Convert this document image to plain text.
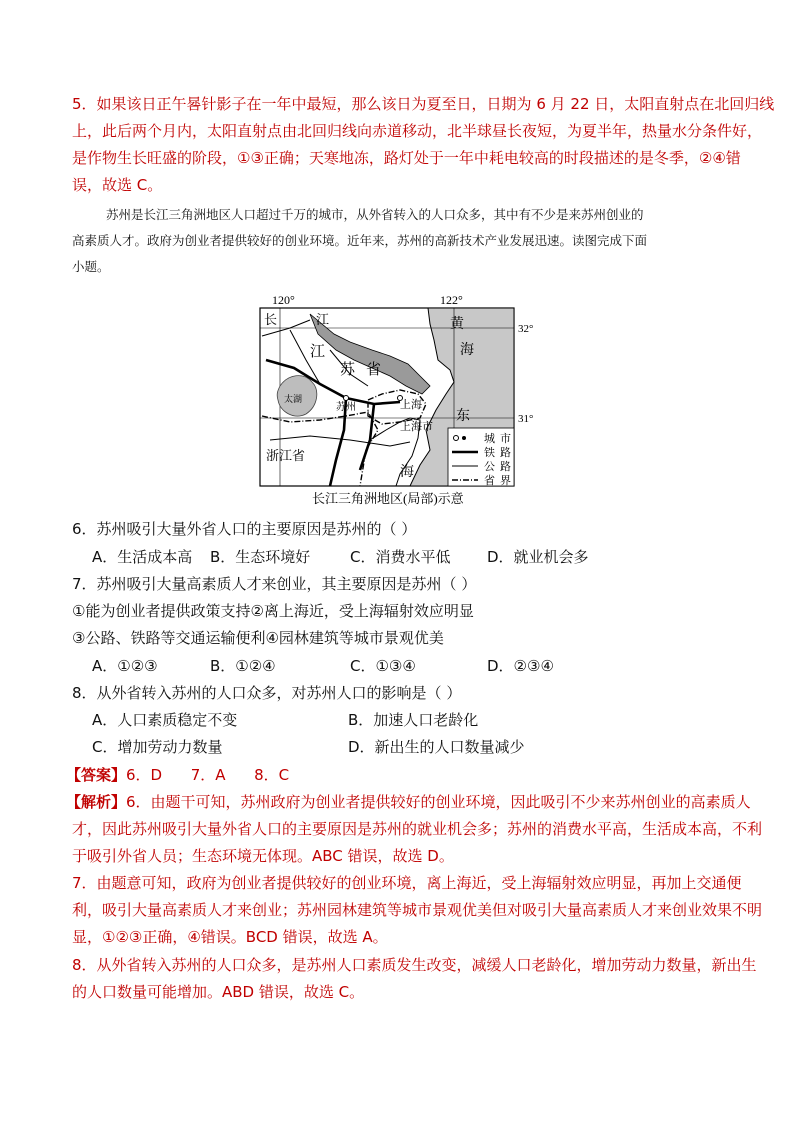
5．如果该日正午晷针影子在一年中最短，那么该日为夏至日，日期为 6 月 22 日，太阳直射点在北回归线
上，此后两个月内，太阳直射点由北回归线向赤道移动，北半球昼长夜短，为夏半年，热量水分条件好，
是作物生长旺盛的阶段，①③正确；天寒地冻，路灯处于一年中耗电较高的时段描述的是冬季，②④错
误，故选 C。
苏州是长江三角洲地区人口超过千万的城市，从外省转入的人口众多，其中有不少是来苏州创业的
高素质人才。政府为创业者提供较好的创业环境。近年来，苏州的高新技术产业发展迅速。读图完成下面
小题。
120°	122°
32°
31°
长	江
江
苏 省
太湖
苏州	上海
上海市
浙江省
黄
海
东
海
城 市
铁 路
公 路
省 界
长江三角洲地区(局部)示意
6．苏州吸引大量外省人口的主要原因是苏州的（ ）
A．生活成本高 B．生态环境好	C．消费水平低 D．就业机会多
7．苏州吸引大量高素质人才来创业，其主要原因是苏州（ ）
①能为创业者提供政策支持②离上海近，受上海辐射效应明显
③公路、铁路等交通运输便利④园林建筑等城市景观优美
A．①②③	B．①②④	C．①③④	D．②③④
8．从外省转入苏州的人口众多，对苏州人口的影响是（ ）
A．人口素质稳定不变	B．加速人口老龄化
C．增加劳动力数量	D．新出生的人口数量减少
【答案】6．D      7．A      8．C
【解析】6．由题干可知，苏州政府为创业者提供较好的创业环境，因此吸引不少来苏州创业的高素质人
才，因此苏州吸引大量外省人口的主要原因是苏州的就业机会多；苏州的消费水平高，生活成本高，不利
于吸引外省人员；生态环境无体现。ABC 错误，故选 D。
7．由题意可知，政府为创业者提供较好的创业环境，离上海近，受上海辐射效应明显，再加上交通便
利，吸引大量高素质人才来创业；苏州园林建筑等城市景观优美但对吸引大量高素质人才来创业效果不明
显，①②③正确，④错误。BCD 错误，故选 A。
8．从外省转入苏州的人口众多，是苏州人口素质发生改变，减缓人口老龄化，增加劳动力数量，新出生
的人口数量可能增加。ABD 错误，故选 C。
